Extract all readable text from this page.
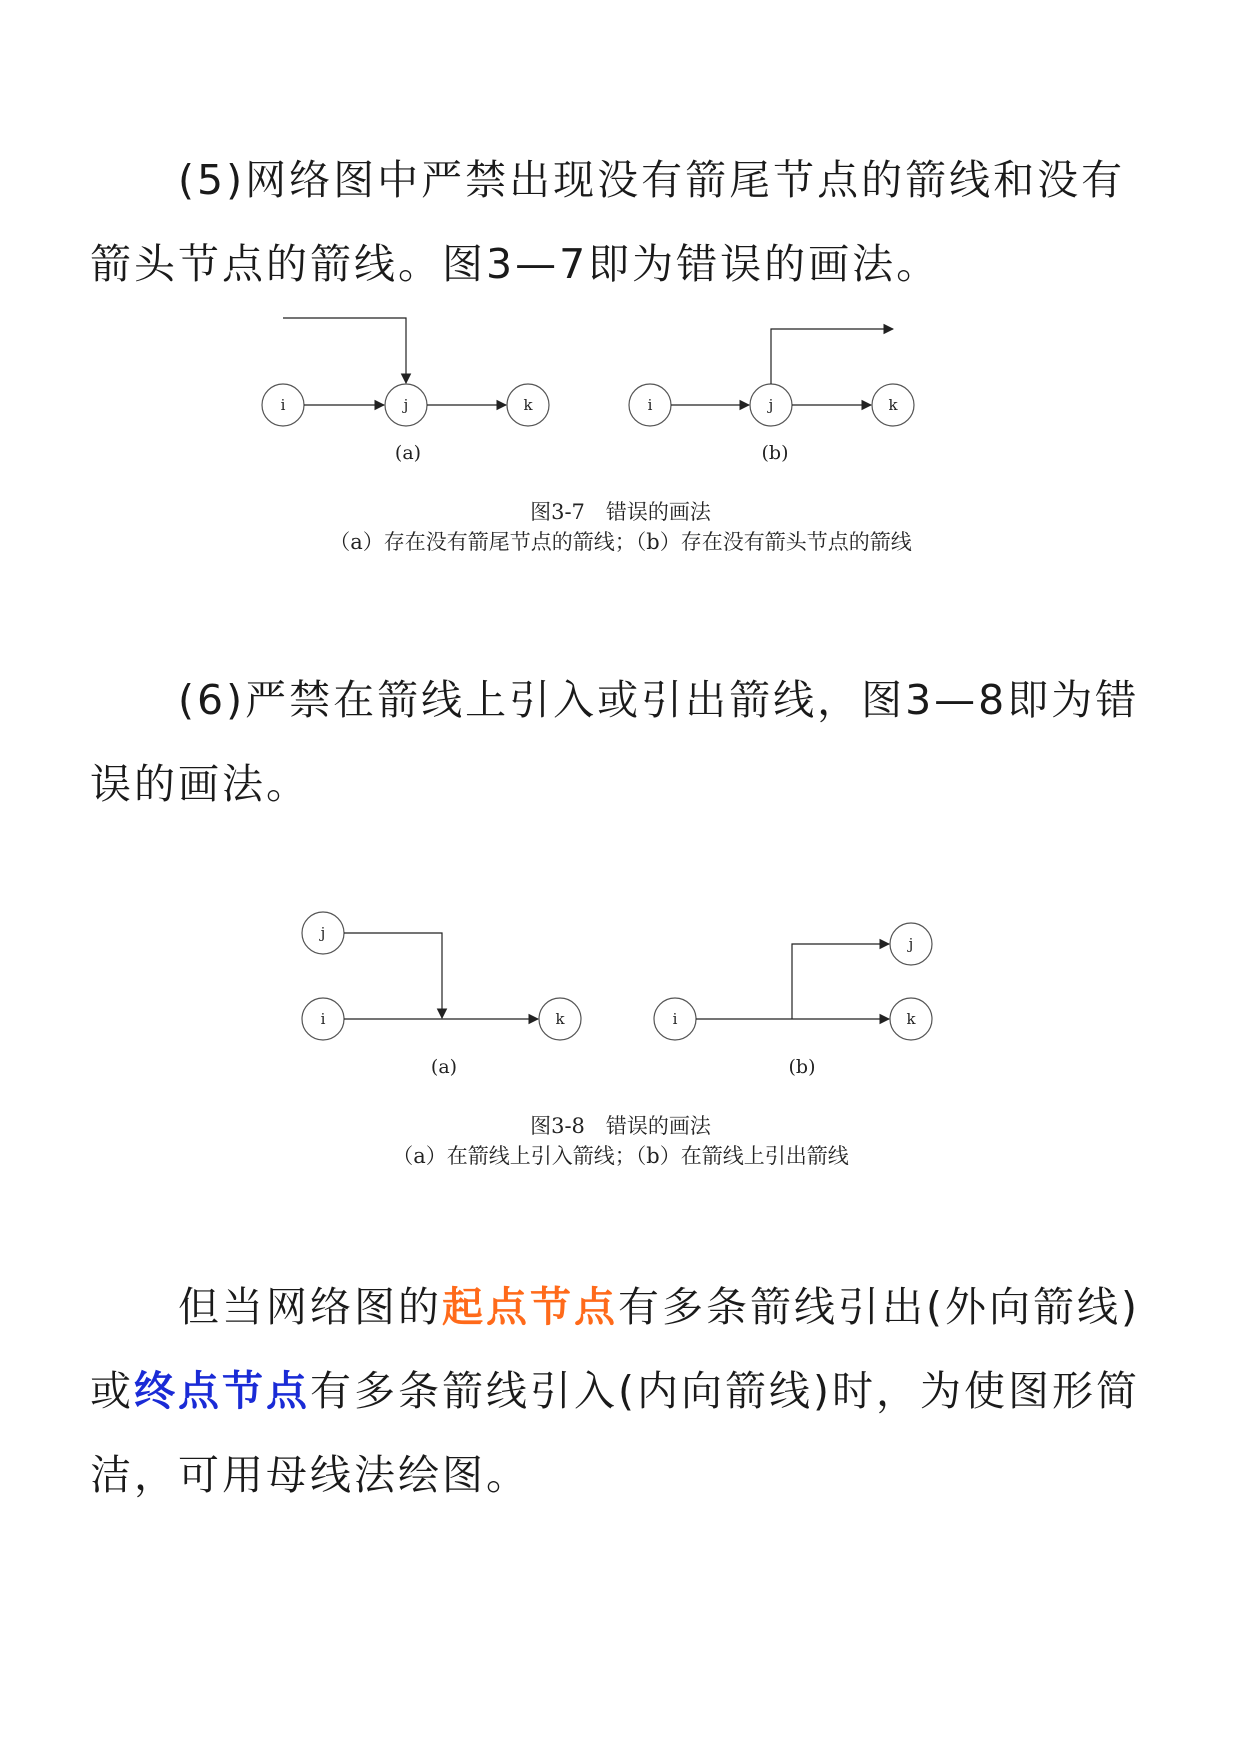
(5)网络图中严禁出现没有箭尾节点的箭线和没有
箭头节点的箭线。图3—7即为错误的画法。

i	j	k
(a)
i	j	k
(b)

图3-7　错误的画法

（a）存在没有箭尾节点的箭线；（b）存在没有箭头节点的箭线

(6)严禁在箭线上引入或引出箭线，图3—8即为错
误的画法。

j
i	k
(a)
i
j
k
(b)

图3-8　错误的画法

（a）在箭线上引入箭线；（b）在箭线上引出箭线

但当网络图的起点节点有多条箭线引出(外向箭线)
或终点节点有多条箭线引入(内向箭线)时，为使图形简
洁，可用母线法绘图。
